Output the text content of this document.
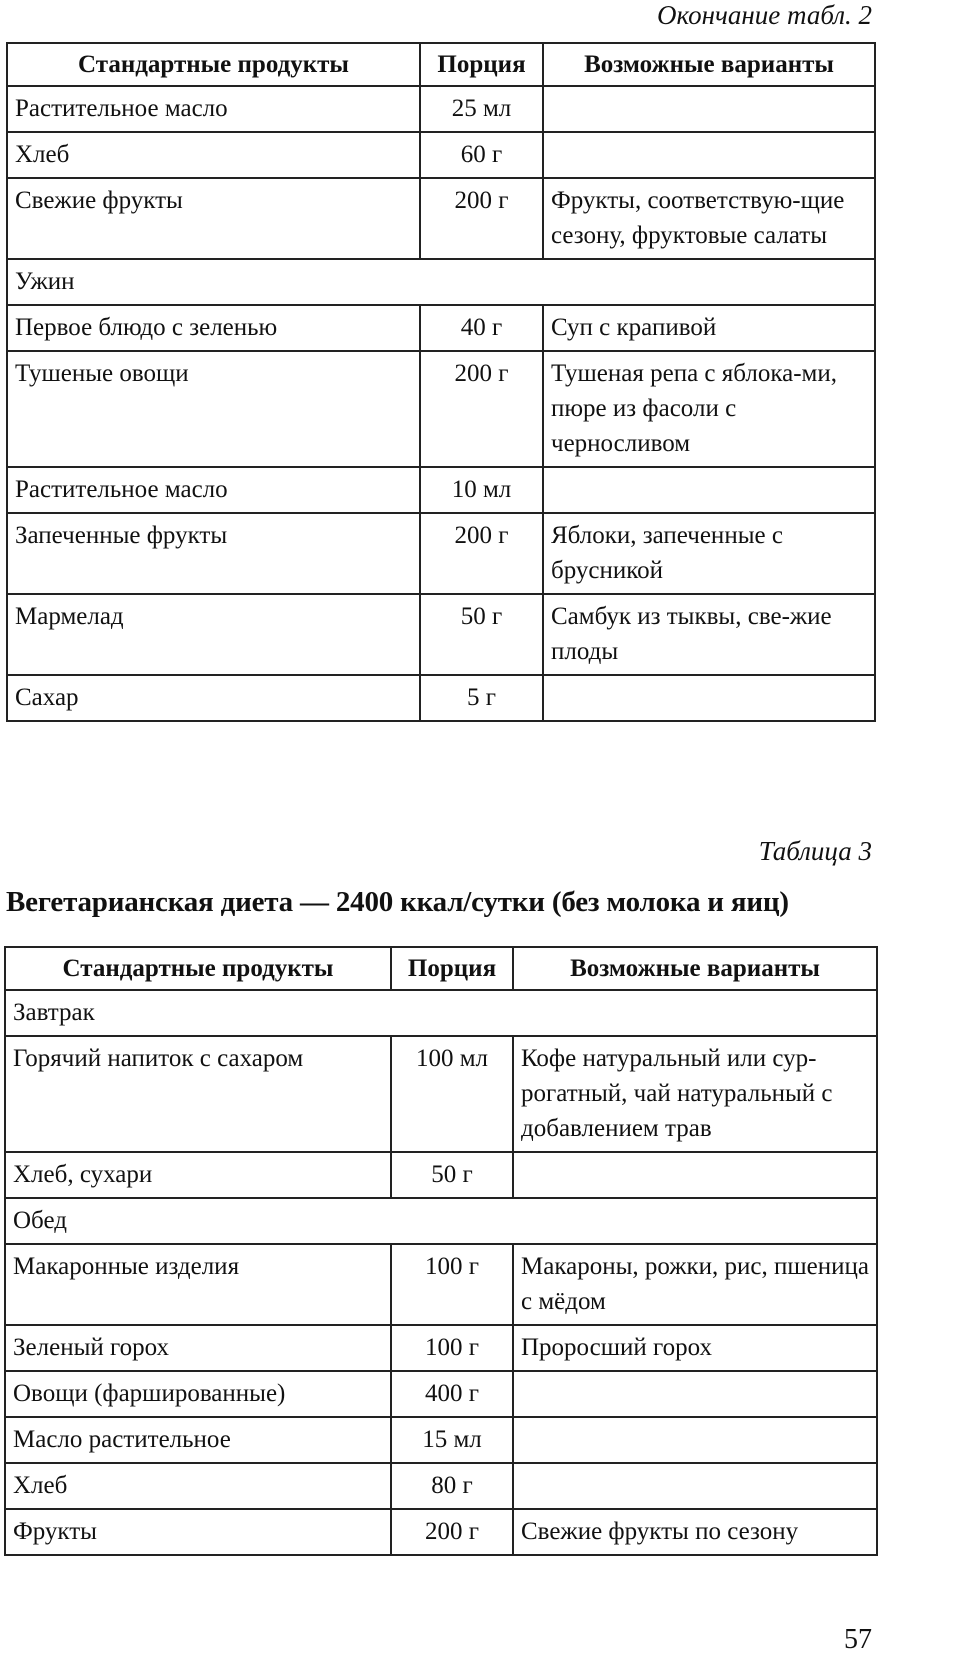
Окончание табл. 2
Стандартные продукты	Порция	Возможные варианты
Растительное масло	25 мл	
Хлеб	60 г	
Свежие фрукты	200 г	Фрукты, соответствую-щие сезону, фруктовые салаты
Ужин		
Первое блюдо с зеленью	40 г	Суп с крапивой
Тушеные овощи	200 г	Тушеная репа с яблока-ми, пюре из фасоли с черносливом
Растительное масло	10 мл	
Запеченные фрукты	200 г	Яблоки, запеченные с брусникой
Мармелад	50 г	Самбук из тыквы, све-жие плоды
Сахар	5 г	
Таблица 3
Вегетарианская диета — 2400 ккал/сутки (без молока и яиц)
Стандартные продукты	Порция	Возможные варианты
Завтрак		
Горячий напиток с сахаром	100 мл	Кофе натуральный или сур-рогатный, чай натуральный с добавлением трав
Хлеб, сухари	50 г	
Обед		
Макаронные изделия	100 г	Макароны, рожки, рис, пшеница с мёдом
Зеленый горох	100 г	Проросший горох
Овощи (фаршированные)	400 г	
Масло растительное	15 мл	
Хлеб	80 г	
Фрукты	200 г	Свежие фрукты по сезону
57
